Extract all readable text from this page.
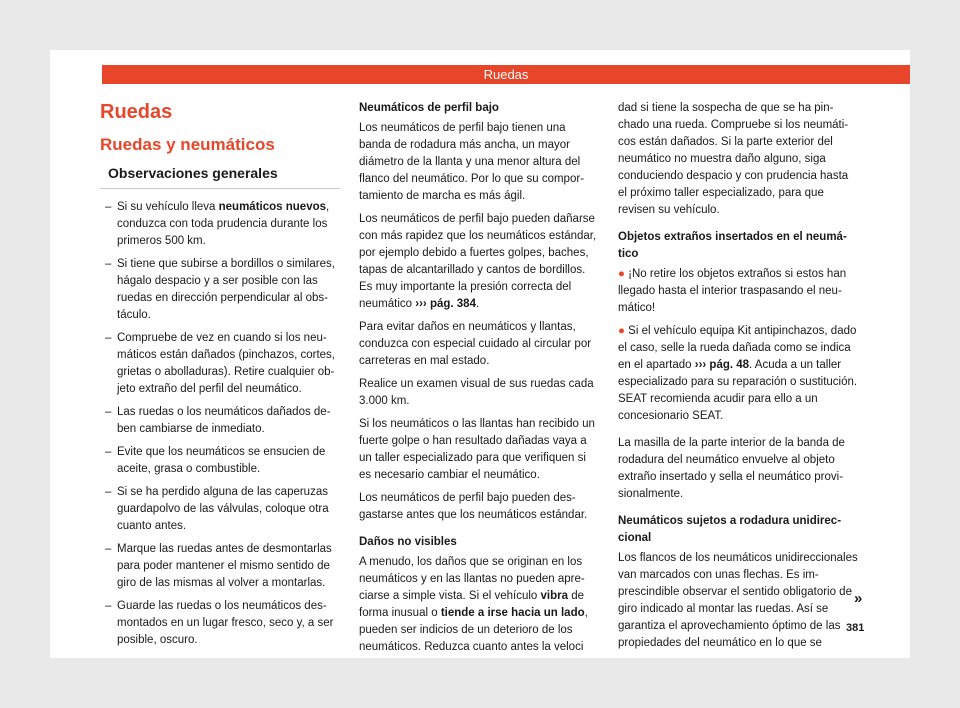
Ruedas
Ruedas
Ruedas y neumáticos
Observaciones generales
– Si su vehículo lleva neumáticos nuevos, conduzca con toda prudencia durante los primeros 500 km.
– Si tiene que subirse a bordillos o similares, hágalo despacio y a ser posible con las ruedas en dirección perpendicular al obstáculo.
– Compruebe de vez en cuando si los neumáticos están dañados (pinchazos, cortes, grietas o abolladuras). Retire cualquier objeto extraño del perfil del neumático.
– Las ruedas o los neumáticos dañados deben cambiarse de inmediato.
– Evite que los neumáticos se ensucien de aceite, grasa o combustible.
– Si se ha perdido alguna de las caperuzas guardapolvo de las válvulas, coloque otra cuanto antes.
– Marque las ruedas antes de desmontarlas para poder mantener el mismo sentido de giro de las mismas al volver a montarlas.
– Guarde las ruedas o los neumáticos desmontados en un lugar fresco, seco y, a ser posible, oscuro.
Neumáticos de perfil bajo

Los neumáticos de perfil bajo tienen una banda de rodadura más ancha, un mayor diámetro de la llanta y una menor altura del flanco del neumático. Por lo que su comportamiento de marcha es más ágil.

Los neumáticos de perfil bajo pueden dañarse con más rapidez que los neumáticos estándar, por ejemplo debido a fuertes golpes, baches, tapas de alcantarillado y cantos de bordillos. Es muy importante la presión correcta del neumático ››› pág. 384.

Para evitar daños en neumáticos y llantas, conduzca con especial cuidado al circular por carreteras en mal estado.

Realice un examen visual de sus ruedas cada 3.000 km.

Si los neumáticos o las llantas han recibido un fuerte golpe o han resultado dañadas vaya a un taller especializado para que verifiquen si es necesario cambiar el neumático.

Los neumáticos de perfil bajo pueden desgastarse antes que los neumáticos estándar.

Daños no visibles

A menudo, los daños que se originan en los neumáticos y en las llantas no pueden apreciarse a simple vista. Si el vehículo vibra de forma inusual o tiende a irse hacia un lado, pueden ser indicios de un deterioro de los neumáticos. Reduzca cuanto antes la veloci

dad si tiene la sospecha de que se ha pinchado una rueda. Compruebe si los neumáticos están dañados. Si la parte exterior del neumático no muestra daño alguno, siga conduciendo despacio y con prudencia hasta el próximo taller especializado, para que revisen su vehículo.

Objetos extraños insertados en el neumático

● ¡No retire los objetos extraños si estos han llegado hasta el interior traspasando el neumático!

● Si el vehículo equipa Kit antipinchazos, dado el caso, selle la rueda dañada como se indica en el apartado ››› pág. 48. Acuda a un taller especializado para su reparación o sustitución. SEAT recomienda acudir para ello a un concesionario SEAT.

La masilla de la parte interior de la banda de rodadura del neumático envuelve al objeto extraño insertado y sella el neumático provisionalmente.

Neumáticos sujetos a rodadura unidireccional

Los flancos de los neumáticos unidireccionales van marcados con unas flechas. Es imprescindible observar el sentido obligatorio de giro indicado al montar las ruedas. Así se garantiza el aprovechamiento óptimo de las propiedades del neumático en lo que se

»
381
